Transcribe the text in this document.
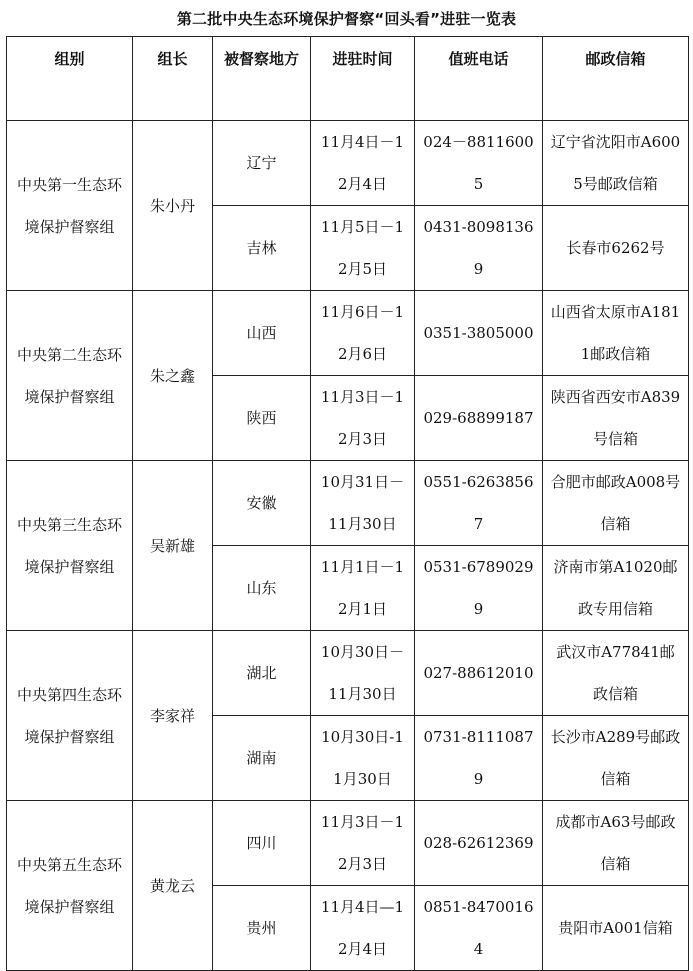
第二批中央生态环境保护督察“回头看”进驻一览表
组别	组长	被督察地方	进驻时间	值班电话	邮政信箱
中央第一生态环境保护督察组	朱小丹	辽宁	11月4日－12月4日	024－88116005	辽宁省沈阳市A6005号邮政信箱
		吉林	11月5日－12月5日	0431-80981369	长春市6262号
中央第二生态环境保护督察组	朱之鑫	山西	11月6日－12月6日	0351-3805000	山西省太原市A1811邮政信箱
		陕西	11月3日－12月3日	029-68899187	陕西省西安市A839号信箱
中央第三生态环境保护督察组	吴新雄	安徽	10月31日－11月30日	0551-62638567	合肥市邮政A008号信箱
		山东	11月1日－12月1日	0531-67890299	济南市第A1020邮政专用信箱
中央第四生态环境保护督察组	李家祥	湖北	10月30日－11月30日	027-88612010	武汉市A77841邮政信箱
		湖南	10月30日-11月30日	0731-81110879	长沙市A289号邮政信箱
中央第五生态环境保护督察组	黄龙云	四川	11月3日－12月3日	028-62612369	成都市A63号邮政信箱
		贵州	11月4日—12月4日	0851-84700164	贵阳市A001信箱
